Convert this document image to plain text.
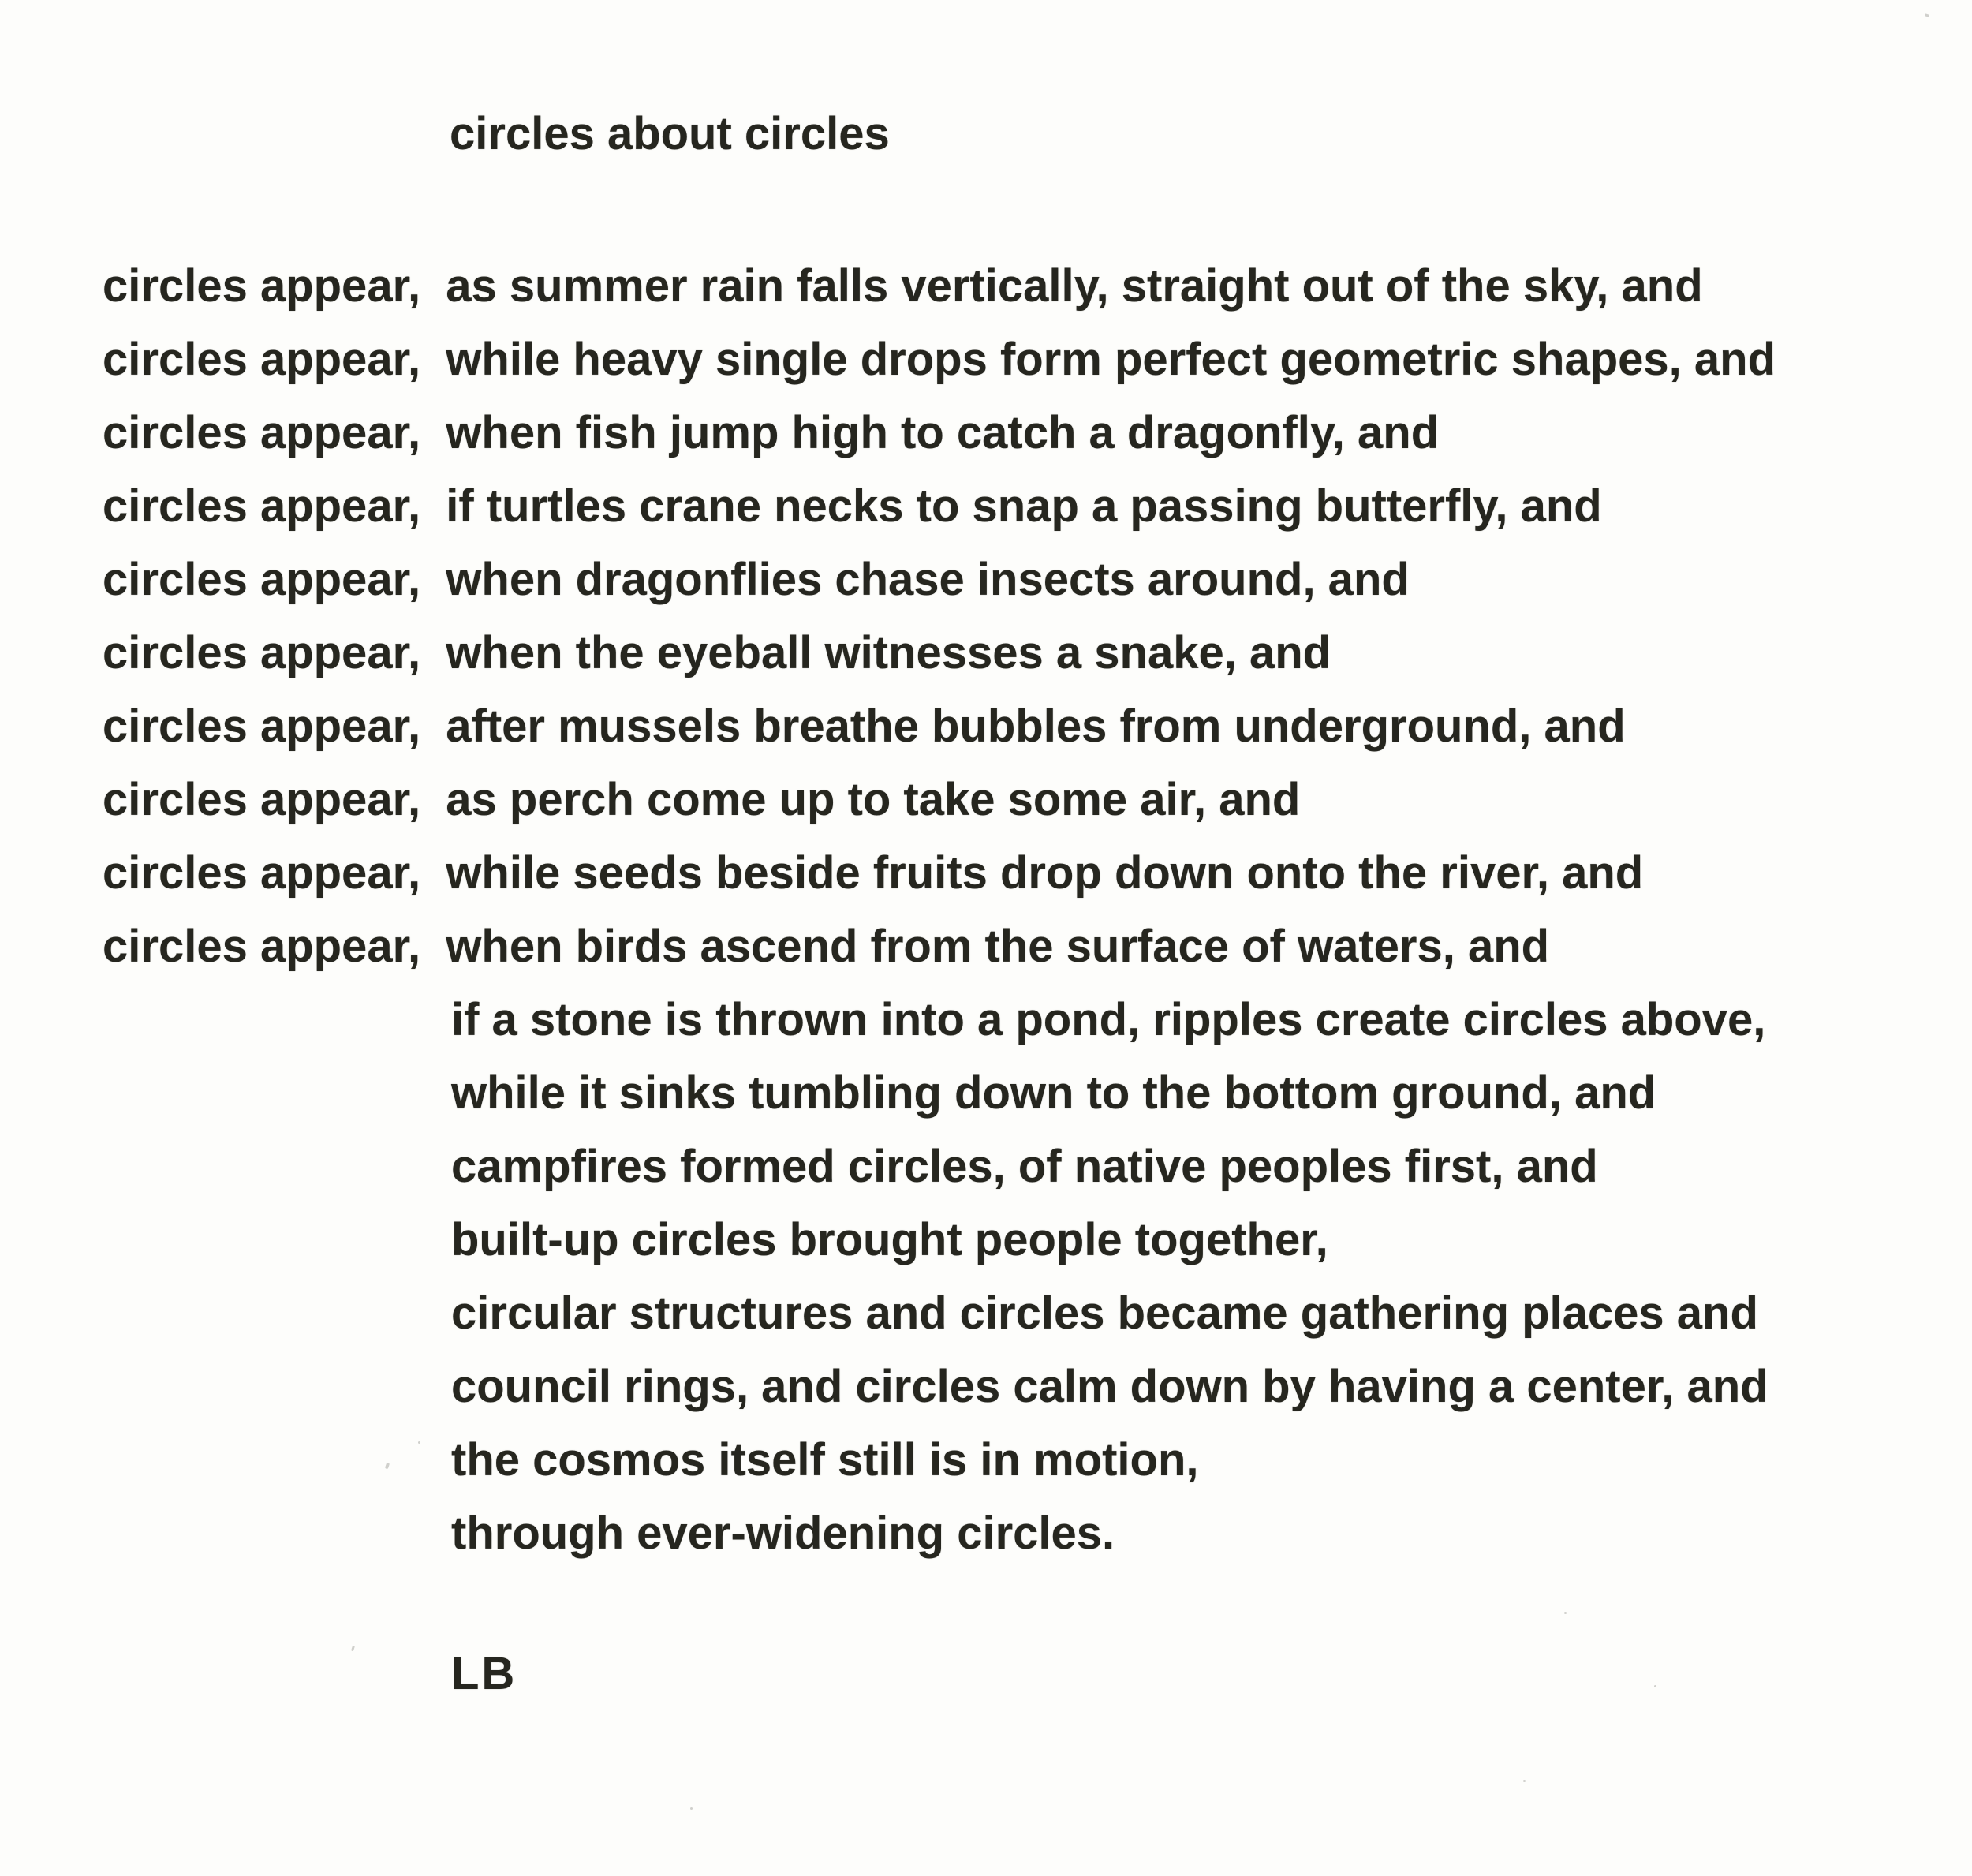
circles about circles
circles appear,  as summer rain falls vertically, straight out of the sky, and
circles appear,  while heavy single drops form perfect geometric shapes, and
circles appear,  when fish jump high to catch a dragonfly, and
circles appear,  if turtles crane necks to snap a passing butterfly, and
circles appear,  when dragonflies chase insects around, and
circles appear,  when the eyeball witnesses a snake, and
circles appear,  after mussels breathe bubbles from underground, and
circles appear,  as perch come up to take some air, and
circles appear,  while seeds beside fruits drop down onto the river, and
circles appear,  when birds ascend from the surface of waters, and
if a stone is thrown into a pond, ripples create circles above,
while it sinks tumbling down to the bottom ground, and
campfires formed circles, of native peoples first, and
built-up circles brought people together,
circular structures and circles became gathering places and
council rings, and circles calm down by having a center, and
the cosmos itself still is in motion,
through ever-widening circles.
LB
